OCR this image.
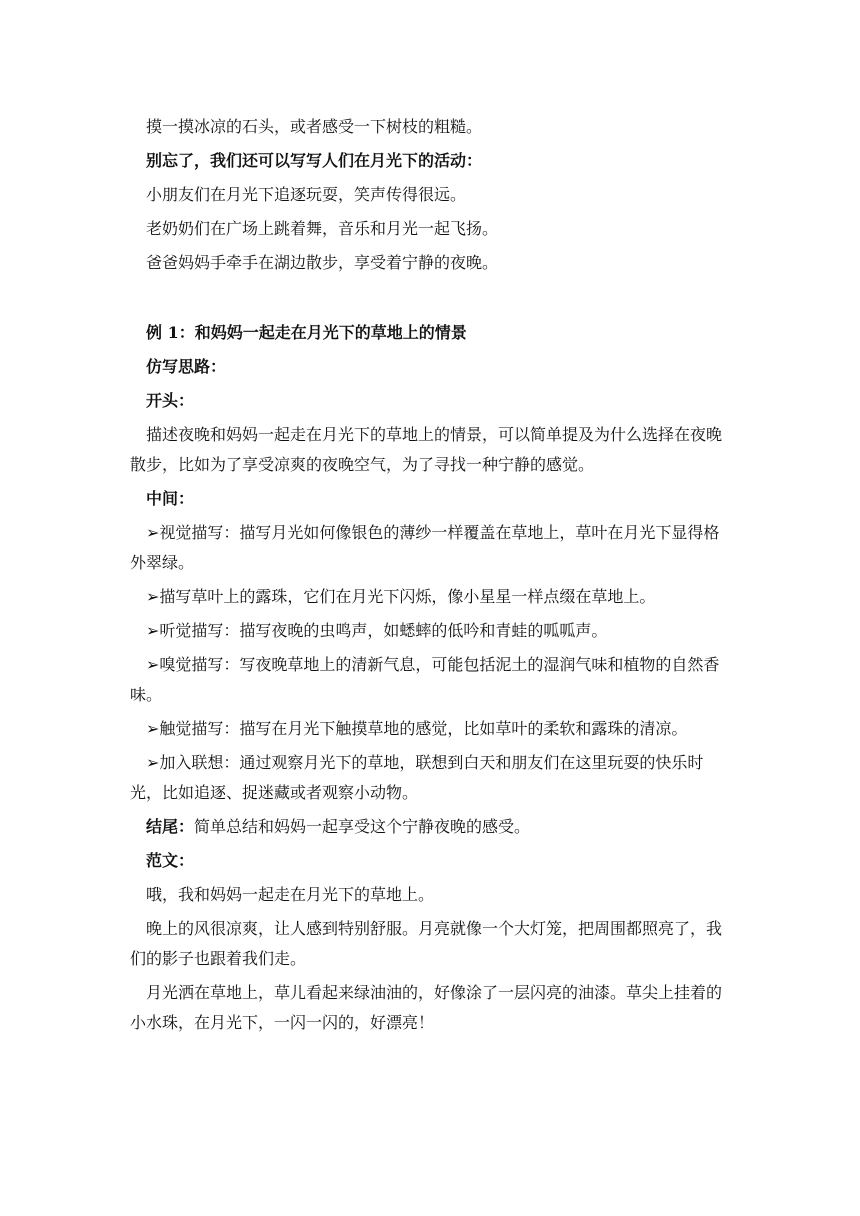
摸一摸冰凉的石头，或者感受一下树枝的粗糙。

别忘了，我们还可以写写人们在月光下的活动：

小朋友们在月光下追逐玩耍，笑声传得很远。

老奶奶们在广场上跳着舞，音乐和月光一起飞扬。

爸爸妈妈手牵手在湖边散步，享受着宁静的夜晚。

例 1：和妈妈一起走在月光下的草地上的情景

仿写思路：

开头：

描述夜晚和妈妈一起走在月光下的草地上的情景，可以简单提及为什么选择在夜晚散步，比如为了享受凉爽的夜晚空气，为了寻找一种宁静的感觉。

中间：

➢视觉描写：描写月光如何像银色的薄纱一样覆盖在草地上，草叶在月光下显得格外翠绿。

➢描写草叶上的露珠，它们在月光下闪烁，像小星星一样点缀在草地上。

➢听觉描写：描写夜晚的虫鸣声，如蟋蟀的低吟和青蛙的呱呱声。

➢嗅觉描写：写夜晚草地上的清新气息，可能包括泥土的湿润气味和植物的自然香味。

➢触觉描写：描写在月光下触摸草地的感觉，比如草叶的柔软和露珠的清凉。

➢加入联想：通过观察月光下的草地，联想到白天和朋友们在这里玩耍的快乐时光，比如追逐、捉迷藏或者观察小动物。

结尾：简单总结和妈妈一起享受这个宁静夜晚的感受。

范文：

哦，我和妈妈一起走在月光下的草地上。

晚上的风很凉爽，让人感到特别舒服。月亮就像一个大灯笼，把周围都照亮了，我们的影子也跟着我们走。

月光洒在草地上，草儿看起来绿油油的，好像涂了一层闪亮的油漆。草尖上挂着的小水珠，在月光下，一闪一闪的，好漂亮！
